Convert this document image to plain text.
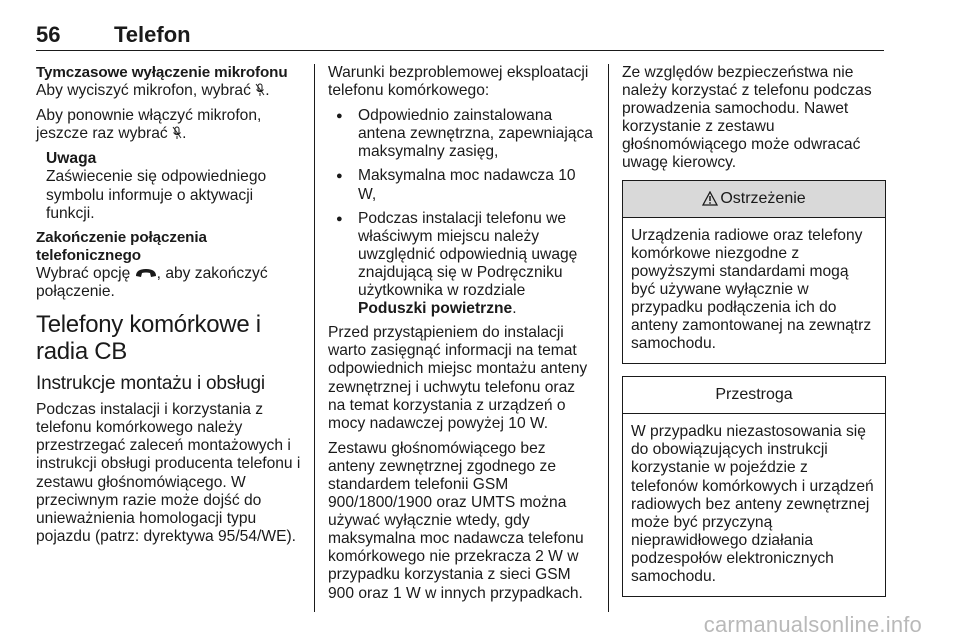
56 Telefon
Tymczasowe wyłączenie mikrofonu

Aby wyciszyć mikrofon, wybrać .

Aby ponownie włączyć mikrofon, jeszcze raz wybrać .

Uwaga
Zaświecenie się odpowiedniego symbolu informuje o aktywacji funkcji.
Zakończenie połączenia telefonicznego

Wybrać opcję , aby zakończyć połączenie.

Telefony komórkowe i radia CB
Instrukcje montażu i obsługi

Podczas instalacji i korzystania z telefonu komórkowego należy przestrzegać zaleceń montażowych i instrukcji obsługi producenta telefonu i zestawu głośnomówiącego. W przeciwnym razie może dojść do unieważnienia homologacji typu pojazdu (patrz: dyrektywa 95/54/WE).

Warunki bezproblemowej eksploatacji telefonu komórkowego:

● Odpowiednio zainstalowana antena zewnętrzna, zapewniająca maksymalny zasięg,
● Maksymalna moc nadawcza 10 W,
● Podczas instalacji telefonu we właściwym miejscu należy uwzględnić odpowiednią uwagę znajdującą się w Podręczniku użytkownika w rozdziale Poduszki powietrzne.

Przed przystąpieniem do instalacji warto zasięgnąć informacji na temat odpowiednich miejsc montażu anteny zewnętrznej i uchwytu telefonu oraz na temat korzystania z urządzeń o mocy nadawczej powyżej 10 W.

Zestawu głośnomówiącego bez anteny zewnętrznej zgodnego ze standardem telefonii GSM 900/1800/1900 oraz UMTS można używać wyłącznie wtedy, gdy maksymalna moc nadawcza telefonu komórkowego nie przekracza 2 W w przypadku korzystania z sieci GSM 900 oraz 1 W w innych przypadkach.

Ze względów bezpieczeństwa nie należy korzystać z telefonu podczas prowadzenia samochodu. Nawet korzystanie z zestawu głośnomówiącego może odwracać uwagę kierowcy.

Ostrzeżenie
Urządzenia radiowe oraz telefony komórkowe niezgodne z powyższymi standardami mogą być używane wyłącznie w przypadku podłączenia ich do anteny zamontowanej na zewnątrz samochodu.
Przestroga
W przypadku niezastosowania się do obowiązujących instrukcji korzystanie w pojeździe z telefonów komórkowych i urządzeń radiowych bez anteny zewnętrznej może być przyczyną nieprawidłowego działania podzespołów elektronicznych samochodu.
carmanualsonline.info
